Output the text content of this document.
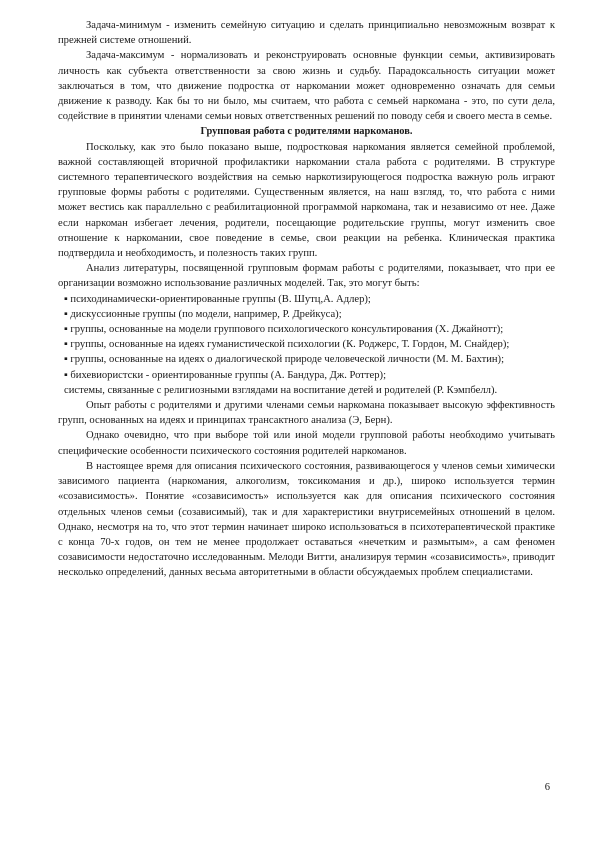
Задача-минимум - изменить семейную ситуацию и сделать принципиально невозможным возврат к прежней системе отношений.

Задача-максимум - нормализовать и реконструировать основные функции семьи, активизировать личность как субъекта ответственности за свою жизнь и судьбу. Парадоксальность ситуации может заключаться в том, что движение подростка от наркомании может одновременно означать для семьи движение к разводу. Как бы то ни было, мы считаем, что работа с семьей наркомана - это, по сути дела, содействие в принятии членами семьи новых ответственных решений по поводу себя и своего места в семье.

Групповая работа с родителями наркоманов.

Поскольку, как это было показано выше, подростковая наркомания является семейной проблемой, важной составляющей вторичной профилактики наркомании стала работа с родителями. В структуре системного терапевтического воздействия на семью наркотизирующегося подростка важную роль играют групповые формы работы с родителями. Существенным является, на наш взгляд, то, что работа с ними может вестись как параллельно с реабилитационной программой наркомана, так и независимо от нее. Даже если наркоман избегает лечения, родители, посещающие родительские группы, могут изменить свое отношение к наркомании, свое поведение в семье, свои реакции на ребенка. Клиническая практика подтвердила и необходимость, и полезность таких групп.

Анализ литературы, посвященной групповым формам работы с родителями, показывает, что при ее организации возможно использование различных моделей. Так, это могут быть:

▪ психодинамически-ориентированные группы (В. Шутц,А. Адлер);

▪ дискуссионные группы (по модели, например, Р. Дрейкуса);

▪ группы, основанные на модели группового психологического консультирования (X. Джайнотт);

▪ группы, основанные на идеях гуманистической психологии (К. Роджерс, Т. Гордон, М. Снайдер);

▪ группы, основанные на идеях о диалогической природе человеческой личности (М. М. Бахтин);

▪ бихевиористски - ориентированные группы (А. Бандура, Дж. Роттер);

системы, связанные с религиозными взглядами на воспитание детей и родителей (Р. Кэмпбелл).

Опыт работы с родителями и другими членами семьи наркомана показывает высокую эффективность групп, основанных на идеях и принципах трансактного анализа (Э, Берн).

Однако очевидно, что при выборе той или иной модели групповой работы необходимо учитывать специфические особенности психического состояния родителей наркоманов.

В настоящее время для описания психического состояния, развивающегося у членов семьи химически зависимого пациента (наркомания, алкоголизм, токсикомания и др.), широко используется термин «созависимость». Понятие «созависимость» используется как для описания психического состояния отдельных членов семьи (созависимый), так и для характеристики внутрисемейных отношений в целом. Однако, несмотря на то, что этот термин начинает широко использоваться в психотерапевтической практике с конца 70-х годов, он тем не менее продолжает оставаться «нечетким и размытым», а сам феномен созависимости недостаточно исследованным. Мелоди Витти, анализируя термин «созависимость», приводит несколько определений, данных весьма авторитетными в области обсуждаемых проблем специалистами.

6
